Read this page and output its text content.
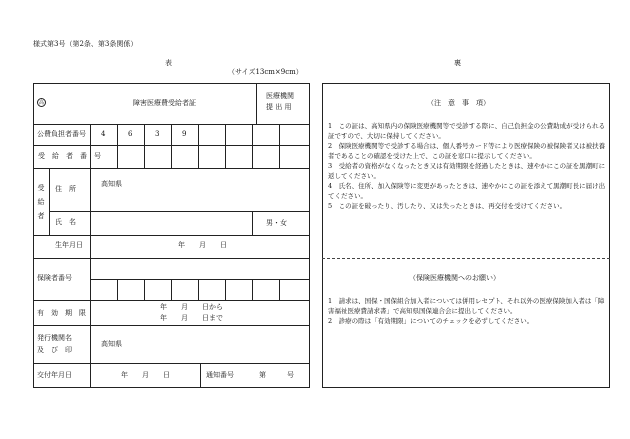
様式第3号（第2条、第3条関係）
表	裏
（サイズ13cm×9cm）
高	障害医療費受給者証
医療機関
提 出 用
公費負担者番号 4	6	3	9
受　給　者　番　号
受給者 住　所
高知県
氏　名	男・女
生年月日	年　　月　　日
保険者番号
有　効　期　限
年　　月　　日から
年　　月　　日まで
発行機関名
及　び　印
高知県
交付年月日	年　　月　　日	通知番号	第　　　号
（注　意　事　項）

1　この証は、高知県内の保険医療機関等で受診する際に、自己負担金の公費助成が受けられる証ですので、大切に保持してください。

2　保険医療機関等で受診する場合は、個人番号カード等により医療保険の被保険者又は被扶養者であることの確認を受けた上で、この証を窓口に提示してください。

3　受給者の資格がなくなったとき又は有効期限を経過したときは、速やかにこの証を黒潮町に返してください。

4　氏名、住所、加入保険等に変更があったときは、速やかにこの証を添えて黒潮町長に届け出てください。

5　この証を破ったり、汚したり、又は失ったときは、再交付を受けてください。

（保険医療機関へのお願い）

1　請求は、国保・国保組合加入者については併用レセプト、それ以外の医療保険加入者は「障害福祉医療費請求書」で高知県国保連合会に提出してください。

2　診療の際は「有効期限」についてのチェックを必ずしてください。
